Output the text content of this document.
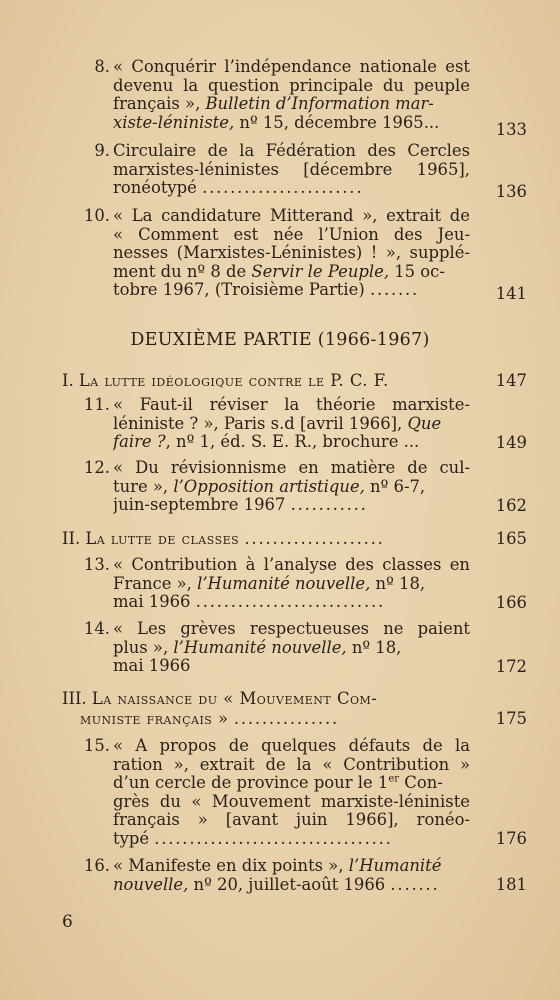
8. « Conquérir l’indépendance nationale est
devenu la question principale du peuple
français », Bulletin d’Information mar-
xiste-léniniste, nº 15, décembre 1965...	133
9. Circulaire de la Fédération des Cercles
marxistes-léninistes [décembre 1965],
ronéotypé .......................	136
10. « La candidature Mitterand », extrait de
« Comment est née l’Union des Jeu-
nesses (Marxistes-Léninistes) ! », supplé-
ment du nº 8 de Servir le Peuple, 15 oc-
tobre 1967, (Troisième Partie) .......	141
DEUXIÈME PARTIE (1966-1967)
I. La lutte idéologique contre le P. C. F.	147
11. « Faut-il réviser la théorie marxiste-
léniniste ? », Paris s.d [avril 1966], Que
faire ?, nº 1, éd. S. E. R., brochure ...	149
12. « Du révisionnisme en matière de cul-
ture », l’Opposition artistique, nº 6-7,
juin-septembre 1967 ...........	162
II. La lutte de classes ....................	165
13. « Contribution à l’analyse des classes en
France », l’Humanité nouvelle, nº 18,
mai 1966 ...........................	166
14. « Les grèves respectueuses ne paient
plus », l’Humanité nouvelle, nº 18,
mai 1966	172
III. La naissance du « Mouvement Com-
muniste français » ...............	175
15. « A propos de quelques défauts de la
ration », extrait de la « Contribution »
d’un cercle de province pour le 1er Con-
grès du « Mouvement marxiste-léniniste
français » [avant juin 1966], ronéo-
typé ..................................	176
16. « Manifeste en dix points », l’Humanité
nouvelle, nº 20, juillet-août 1966 .......	181
6
